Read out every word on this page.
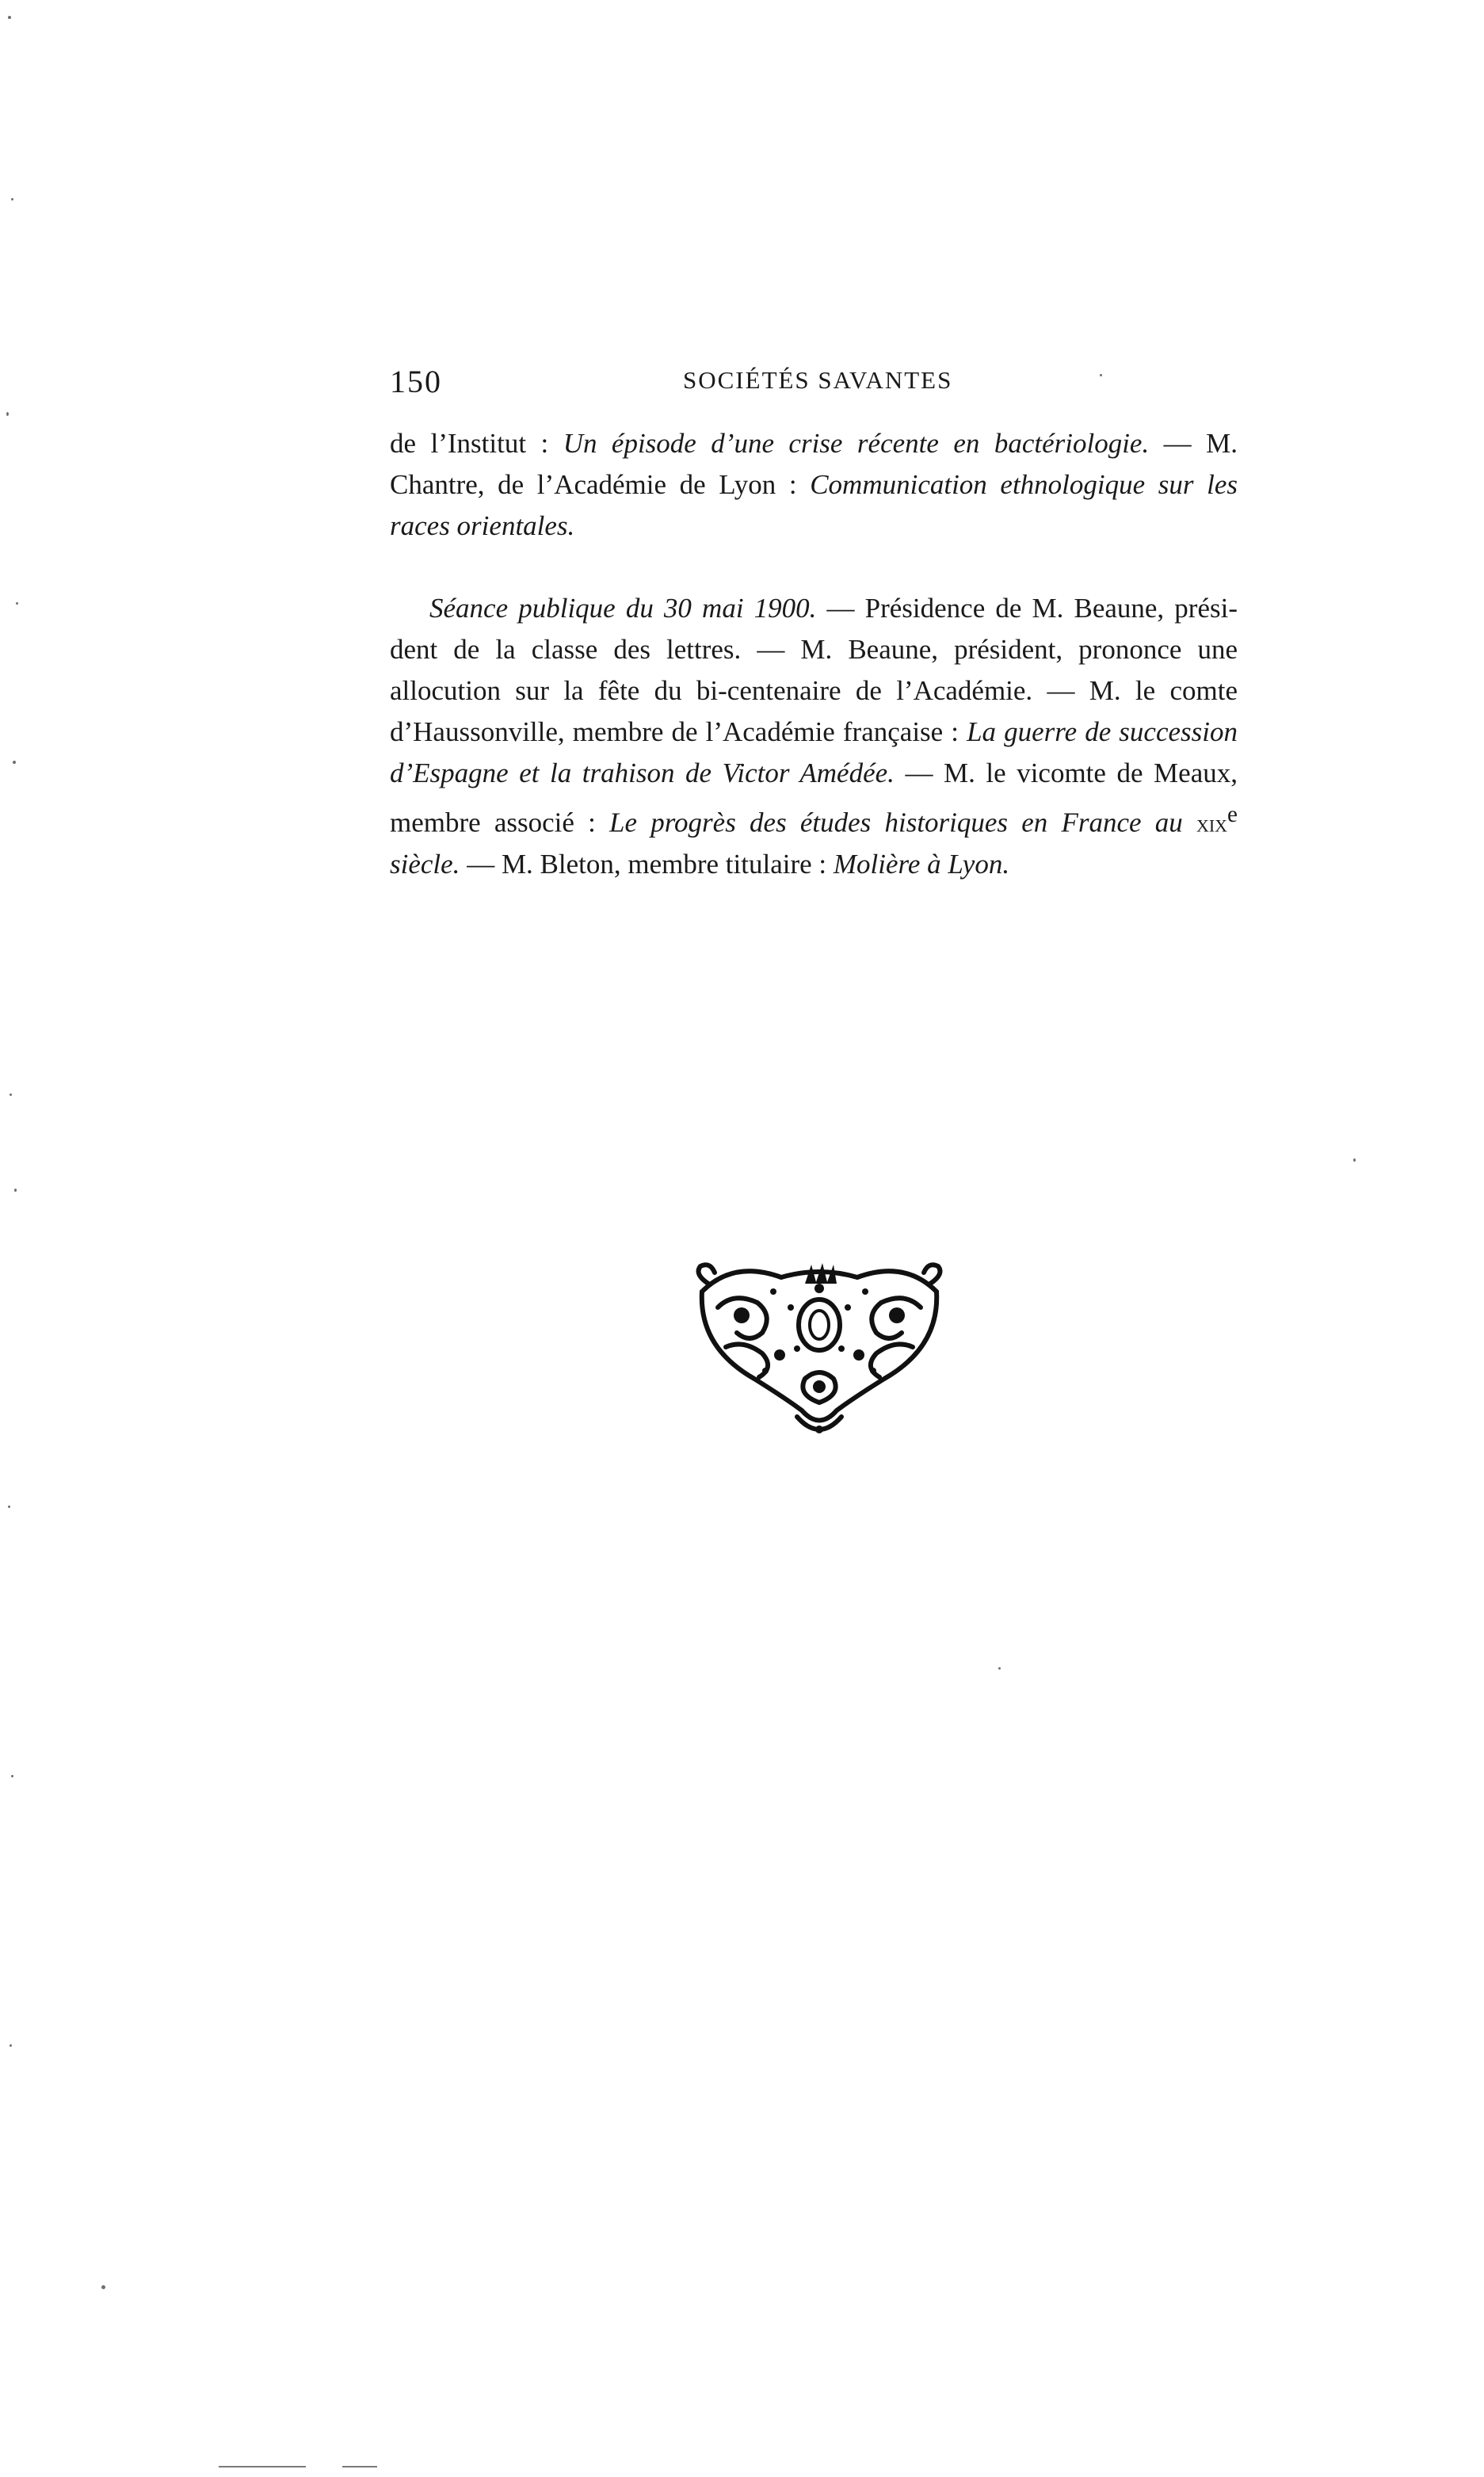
150	SOCIÉTÉS SAVANTES

de l’Institut : Un épisode d’une crise récente en bactériologie. — M. Chantre, de l’Académie de Lyon : Communication ethnologique sur les races orientales.

Séance publique du 30 mai 1900. — Présidence de M. Beaune, président de la classe des lettres. — M. Beaune, président, prononce une allocution sur la fête du bi-centenaire de l’Académie. — M. le comte d’Haussonville, membre de l’Académie française : La guerre de succession d’Espagne et la trahison de Victor Amédée. — M. le vicomte de Meaux, membre associé : Le progrès des études historiques en France au xix$^e$ siècle. — M. Bleton, membre titulaire : Molière à Lyon.
